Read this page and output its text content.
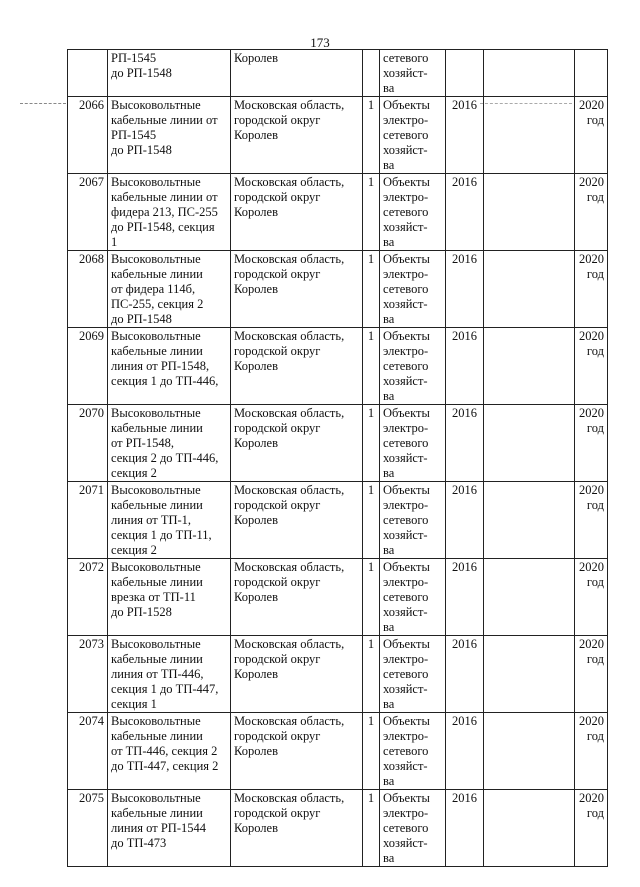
173
	РП-1545
до РП-1548	Королев		сетевого
хозяйст-
ва			
2066	Высоковольтные
кабельные линии от
РП-1545
до РП-1548	Московская область,
городской округ
Королев	1	Объекты
электро-
сетевого
хозяйст-
ва	2016		2020
год
2067	Высоковольтные
кабельные линии от
фидера 213, ПС-255
до РП-1548, секция
1	Московская область,
городской округ
Королев	1	Объекты
электро-
сетевого
хозяйст-
ва	2016		2020
год
2068	Высоковольтные
кабельные линии
от фидера 114б,
ПС-255, секция 2
до РП-1548	Московская область,
городской округ
Королев	1	Объекты
электро-
сетевого
хозяйст-
ва	2016		2020
год
2069	Высоковольтные
кабельные линии
линия от РП-1548,
секция 1 до ТП-446,	Московская область,
городской округ
Королев	1	Объекты
электро-
сетевого
хозяйст-
ва	2016		2020
год
2070	Высоковольтные
кабельные линии
от РП-1548,
секция 2 до ТП-446,
секция 2	Московская область,
городской округ
Королев	1	Объекты
электро-
сетевого
хозяйст-
ва	2016		2020
год
2071	Высоковольтные
кабельные линии
линия от ТП-1,
секция 1 до ТП-11,
секция 2	Московская область,
городской округ
Королев	1	Объекты
электро-
сетевого
хозяйст-
ва	2016		2020
год
2072	Высоковольтные
кабельные линии
врезка от ТП-11
до РП-1528	Московская область,
городской округ
Королев	1	Объекты
электро-
сетевого
хозяйст-
ва	2016		2020
год
2073	Высоковольтные
кабельные линии
линия от ТП-446,
секция 1 до ТП-447,
секция 1	Московская область,
городской округ
Королев	1	Объекты
электро-
сетевого
хозяйст-
ва	2016		2020
год
2074	Высоковольтные
кабельные линии
от ТП-446, секция 2
до ТП-447, секция 2	Московская область,
городской округ
Королев	1	Объекты
электро-
сетевого
хозяйст-
ва	2016		2020
год
2075	Высоковольтные
кабельные линии
линия от РП-1544
до ТП-473	Московская область,
городской округ
Королев	1	Объекты
электро-
сетевого
хозяйст-
ва	2016		2020
год
